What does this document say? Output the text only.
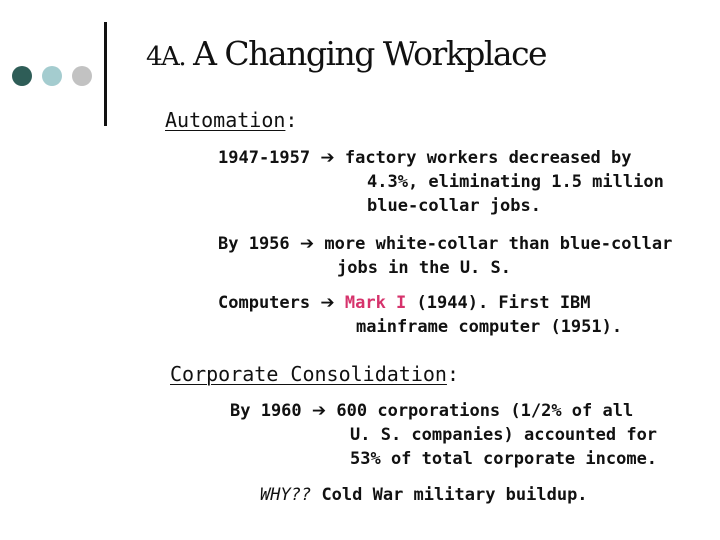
4A. A Changing Workplace
Automation:
1947-1957 ➔ factory workers decreased by
4.3%, eliminating 1.5 million
blue-collar jobs.
By 1956 ➔ more white-collar than blue-collar
jobs in the U. S.
Computers ➔ Mark I (1944). First IBM
mainframe computer (1951).
Corporate Consolidation:
By 1960 ➔ 600 corporations (1/2% of all
U. S. companies) accounted for
53% of total corporate income.
WHY?? Cold War military buildup.
